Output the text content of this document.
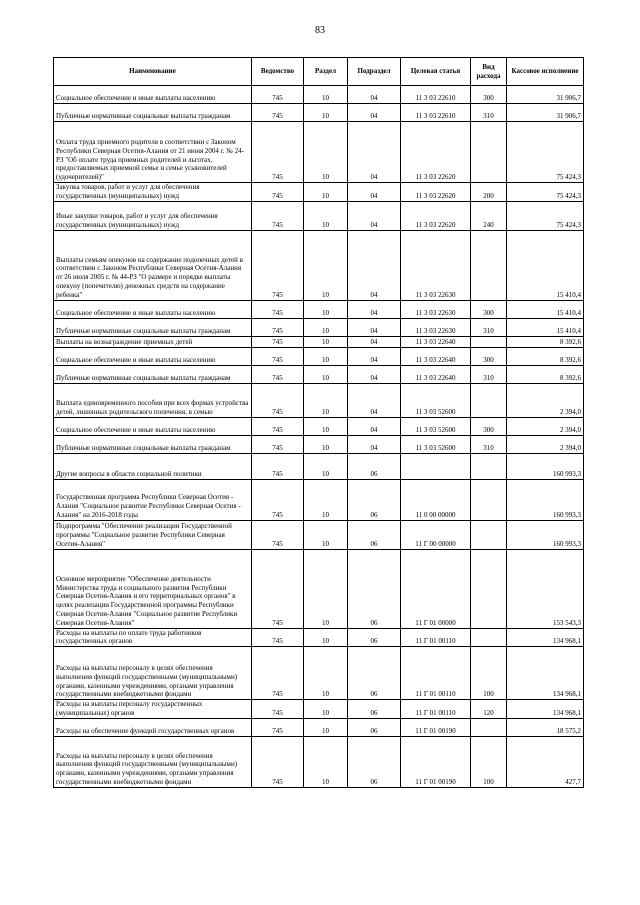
83
Наименование	Ведомство	Раздел	Подраздел	Целевая статья	Вид расхода	Кассовое исполнение
Социальное обеспечение и иные выплаты населению	745	10	04	11 3 03 22610	300	31 906,7
Публичные нормативные социальные выплаты гражданам	745	10	04	11 3 03 22610	310	31 906,7
Оплата труда приемного родителя в соответствии с Законом Республики Северная Осетия-Алания от 21 июня 2004 г. № 24-РЗ "Об оплате труда приемных родителей и льготах, предоставляемых приемной семье и семье усыновителей (удочерителей)"	745	10	04	11 3 03 22620		75 424,3
Закупка товаров, работ и услуг для обеспечения государственных (муниципальных) нужд	745	10	04	11 3 03 22620	200	75 424,3
Иные закупки товаров, работ и услуг для обеспечения государственных (муниципальных) нужд	745	10	04	11 3 03 22620	240	75 424,3
Выплаты семьям опекунов на содержание подопечных детей в соответствии с Законом Республики Северная Осетия-Алания от 26 июля 2005 г. № 44-РЗ "О размере и порядке выплаты опекуну (попечителю) денежных средств на содержание ребенка"	745	10	04	11 3 03 22630		15 410,4
Социальное обеспечение и иные выплаты населению	745	10	04	11 3 03 22630	300	15 410,4
Публичные нормативные социальные выплаты гражданам	745	10	04	11 3 03 22630	310	15 410,4
Выплаты на вознаграждение приемных детей	745	10	04	11 3 03 22640		8 392,6
Социальное обеспечение и иные выплаты населению	745	10	04	11 3 03 22640	300	8 392,6
Публичные нормативные социальные выплаты гражданам	745	10	04	11 3 03 22640	310	8 392,6
Выплата единовременного пособия при всех формах устройства детей, лишенных родительского попечения, в семью	745	10	04	11 3 03 52600		2 394,0
Социальное обеспечение и иные выплаты населению	745	10	04	11 3 03 52600	300	2 394,0
Публичные нормативные социальные выплаты гражданам	745	10	04	11 3 03 52600	310	2 394,0
Другие вопросы в области социальной политики	745	10	06			160 993,3
Государственная программа Республики Северная Осетия - Алания "Социальное развитие Республики Северная Осетия - Алания" на 2016-2018 годы	745	10	06	11 0 00 00000		160 993,3
Подпрограмма "Обеспечение реализации Государственной программы "Социальное развитие Республики Северная Осетия-Алания"	745	10	06	11 Г 00 00000		160 993,3
Основное мероприятие "Обеспечение деятельности Министерства труда и социального развития Республики Северная Осетия-Алания и его территориальных органов" в целях реализации Государственной программы Республики Северная Осетия-Алания "Социальное развитие Республики Северная Осетия-Алания"	745	10	06	11 Г 01 00000		153 543,3
Расходы на выплаты по оплате труда работников государственных органов	745	10	06	11 Г 01 00110		134 968,1
Расходы на выплаты персоналу в целях обеспечения выполнения функций государственными (муниципальными) органами, казенными учреждениями, органами управления государственными внебюджетными фондами	745	10	06	11 Г 01 00110	100	134 968,1
Расходы на выплаты персоналу государственных (муниципальных) органов	745	10	06	11 Г 01 00110	120	134 968,1
Расходы на обеспечение функций государственных органов	745	10	06	11 Г 01 00190		18 575,2
Расходы на выплаты персоналу в целях обеспечения выполнения функций государственными (муниципальными) органами, казенными учреждениями, органами управления государственными внебюджетными фондами	745	10	06	11 Г 01 00190	100	427,7
